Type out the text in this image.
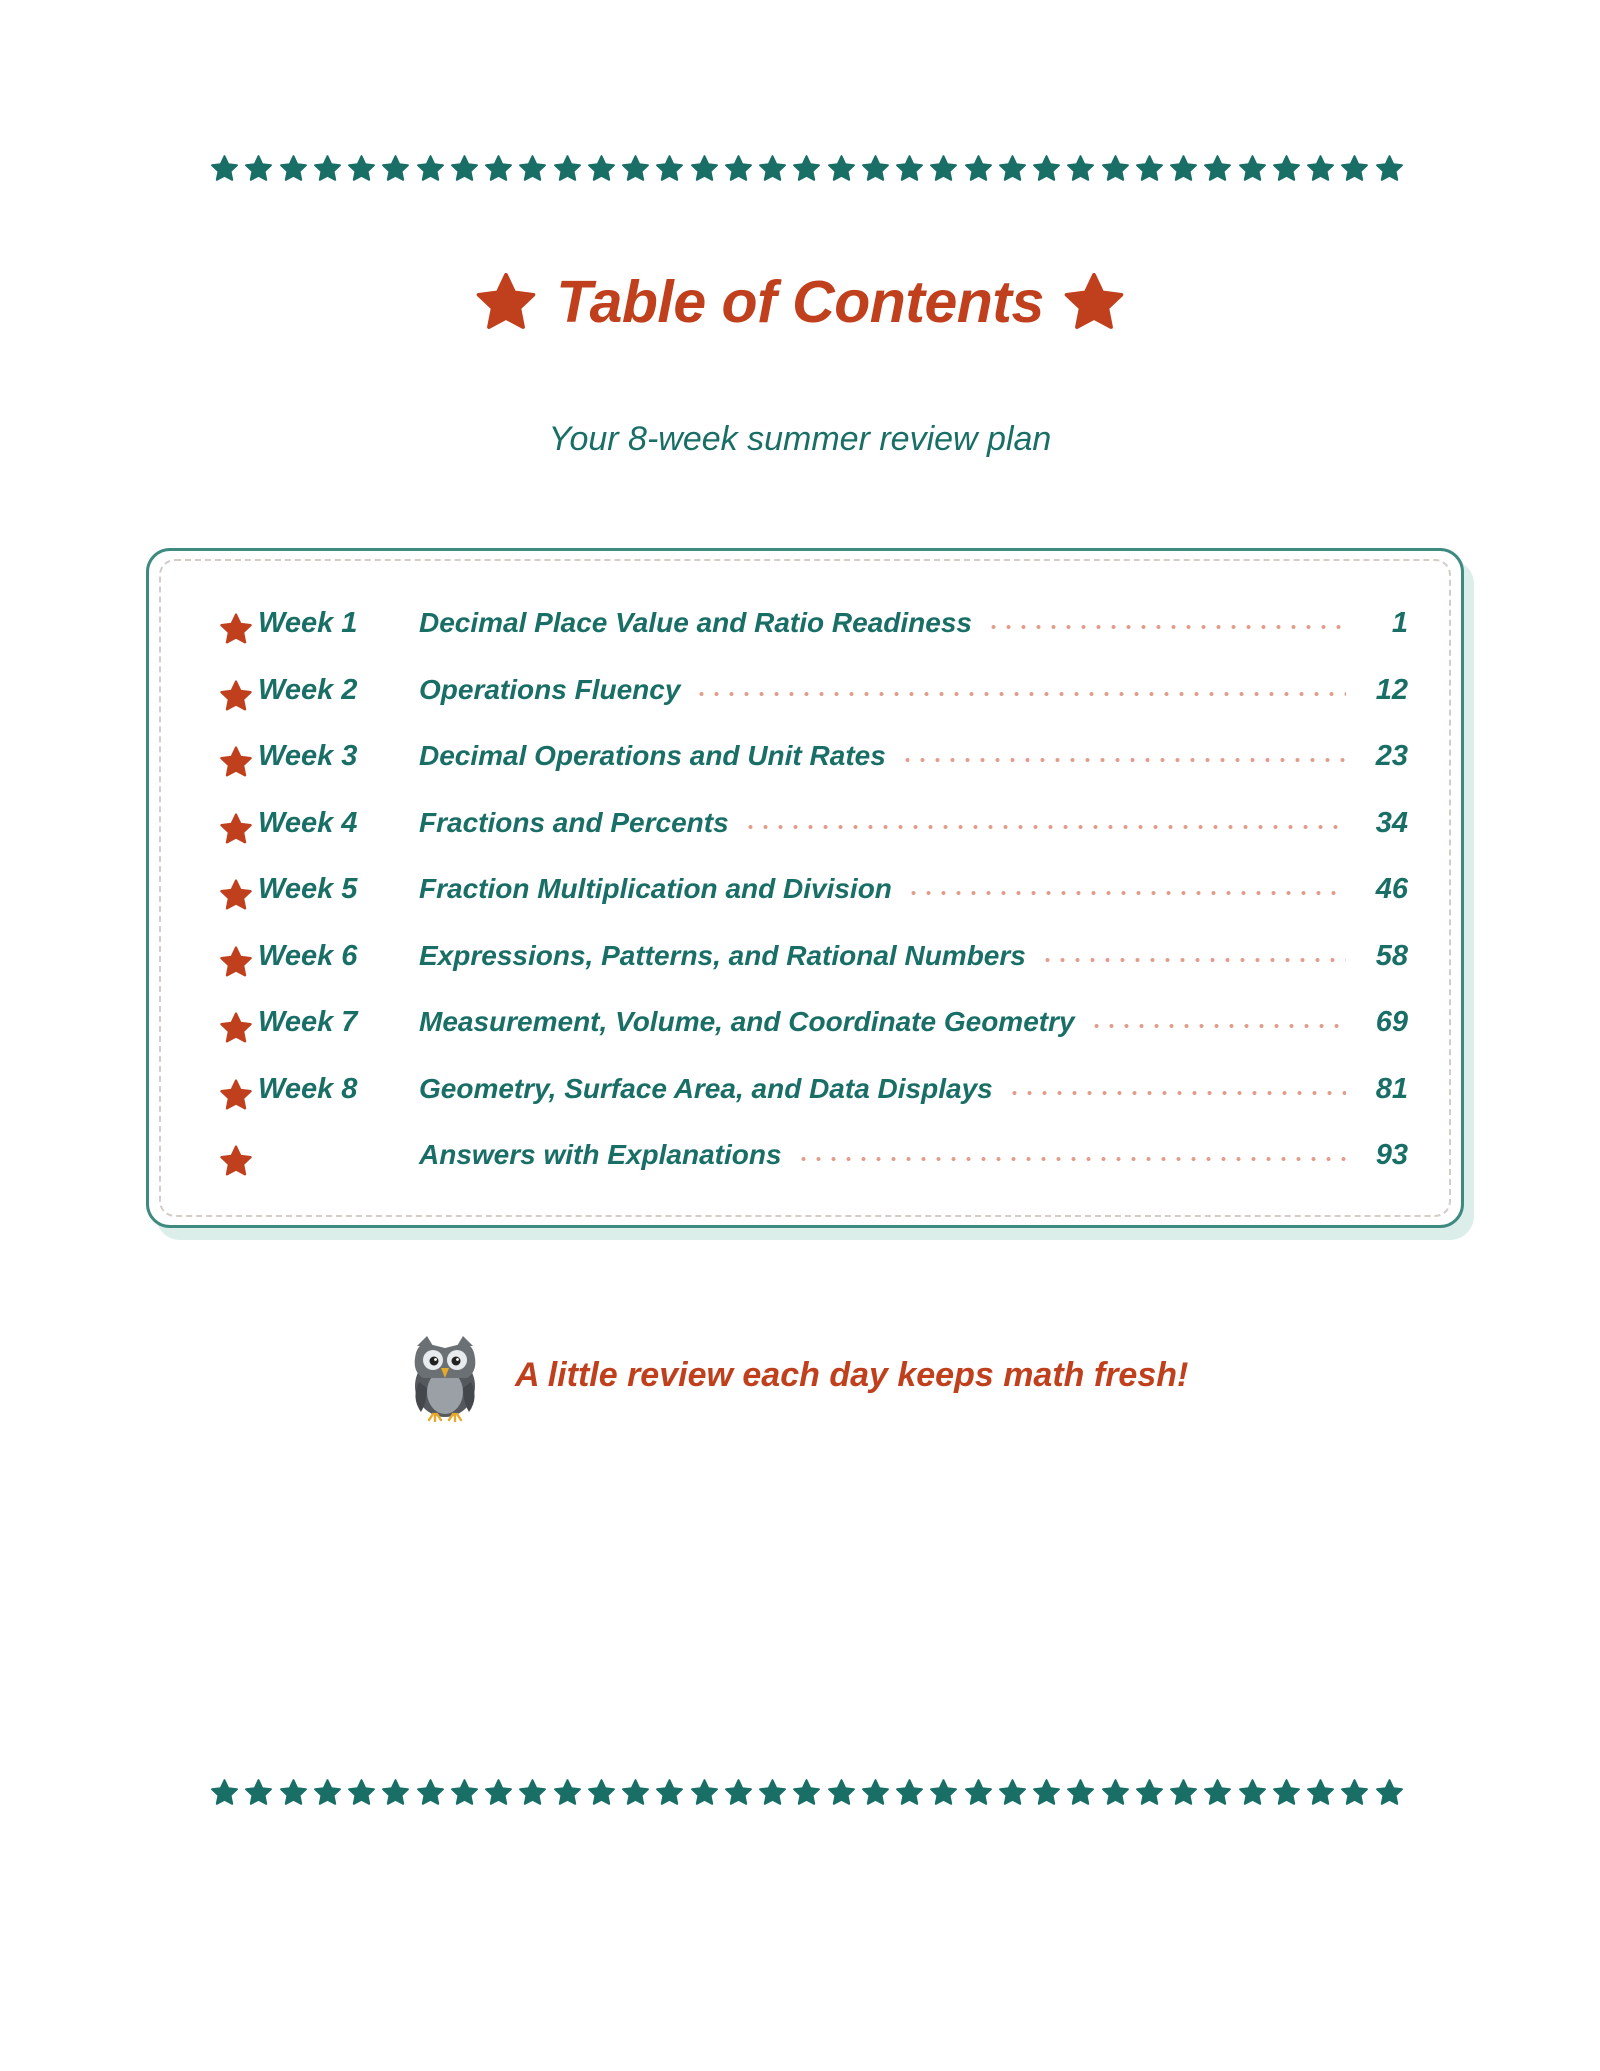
Table of Contents
Your 8-week summer review plan
Week 1	Decimal Place Value and Ratio Readiness	1
Week 2	Operations Fluency	12
Week 3	Decimal Operations and Unit Rates	23
Week 4	Fractions and Percents	34
Week 5	Fraction Multiplication and Division	46
Week 6	Expressions, Patterns, and Rational Numbers	58
Week 7	Measurement, Volume, and Coordinate Geometry	69
Week 8	Geometry, Surface Area, and Data Displays	81
Answers with Explanations	93
A little review each day keeps math fresh!
